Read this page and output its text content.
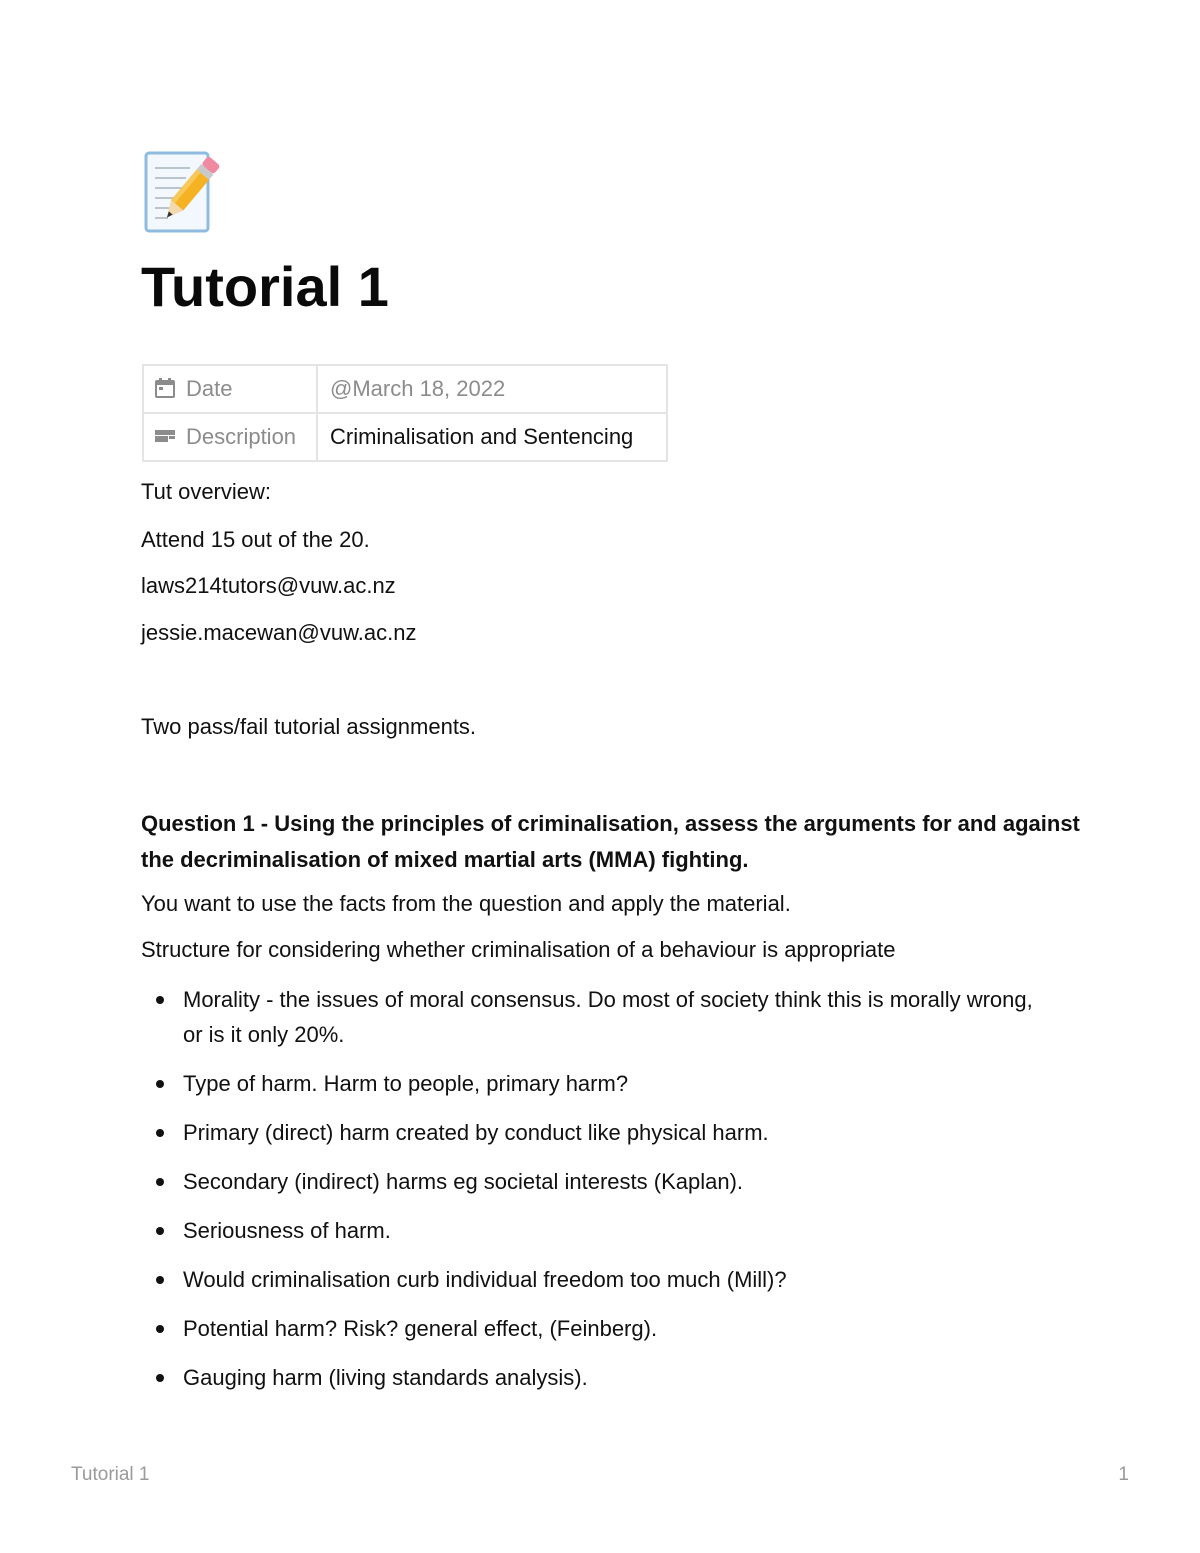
Tutorial 1
Date	@March 18, 2022
Description	Criminalisation and Sentencing

Tut overview:

Attend 15 out of the 20.

laws214tutors@vuw.ac.nz

jessie.macewan@vuw.ac.nz

Two pass/fail tutorial assignments.

Question 1 - Using the principles of criminalisation, assess the arguments for and against the decriminalisation of mixed martial arts (MMA) fighting.

You want to use the facts from the question and apply the material.

Structure for considering whether criminalisation of a behaviour is appropriate

Morality - the issues of moral consensus. Do most of society think this is morally wrong, or is it only 20%.
Type of harm. Harm to people, primary harm?
Primary (direct) harm created by conduct like physical harm.
Secondary (indirect) harms eg societal interests (Kaplan).
Seriousness of harm.
Would criminalisation curb individual freedom too much (Mill)?
Potential harm? Risk? general effect, (Feinberg).
Gauging harm (living standards analysis).
Tutorial 1	1
